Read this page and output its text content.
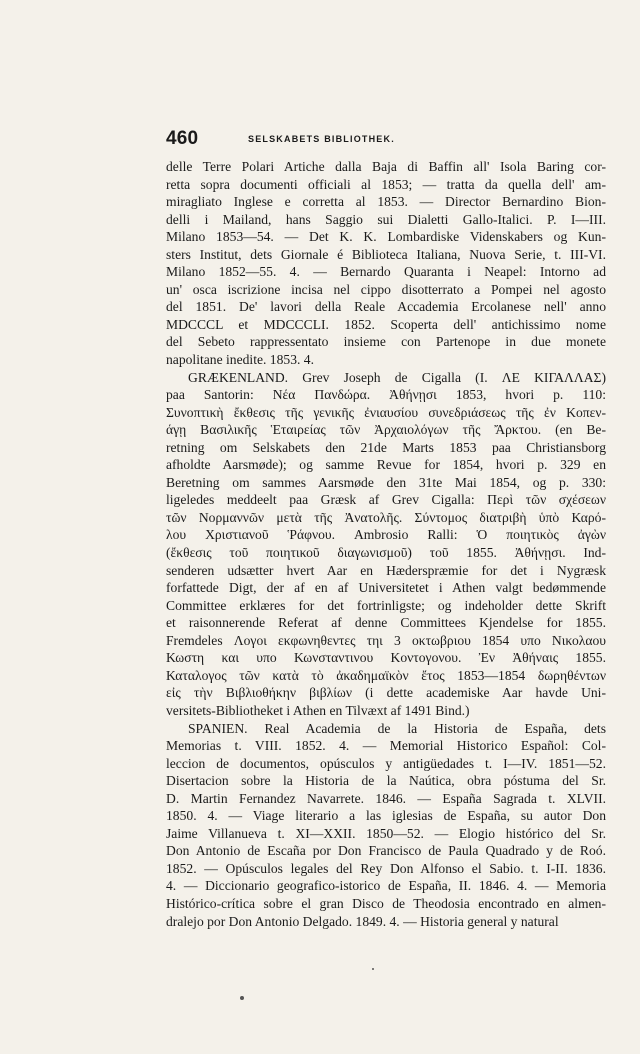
460	SELSKABETS BIBLIOTHEK.
delle Terre Polari Artiche dalla Baja di Baffin all' Isola Baring cor-
retta sopra documenti officiali al 1853; — tratta da quella dell' am-
miragliato Inglese e corretta al 1853. — Director Bernardino Bion-
delli i Mailand, hans Saggio sui Dialetti Gallo-Italici. P. I—III.
Milano 1853—54. — Det K. K. Lombardiske Videnskabers og Kun-
sters Institut, dets Giornale é Biblioteca Italiana, Nuova Serie, t. III-VI.
Milano 1852—55. 4. — Bernardo Quaranta i Neapel: Intorno ad
un' osca iscrizione incisa nel cippo disotterrato a Pompei nel agosto
del 1851. De' lavori della Reale Accademia Ercolanese nell' anno
MDCCCL et MDCCCLI. 1852. Scoperta dell' antichissimo nome
del Sebeto rappressentato insieme con Partenope in due monete
napolitane inedite. 1853. 4.
GRÆKENLAND. Grev Joseph de Cigalla (I. ΛΕ ΚΙΓΑΛΛΑΣ)
paa Santorin: Νέα Πανδώρα. Ἀθήνῃσι 1853, hvori p. 110:
Συνοπτικὴ ἔκθεσις τῆς γενικῆς ἐνιαυσίου συνεδριάσεως τῆς ἐν Κοπεν-
άγῃ Βασιλικῆς Ἑταιρείας τῶν Ἀρχαιολόγων τῆς Ἄρκτου. (en Be-
retning om Selskabets den 21de Marts 1853 paa Christiansborg
afholdte Aarsmøde); og samme Revue for 1854, hvori p. 329 en
Beretning om sammes Aarsmøde den 31te Mai 1854, og p. 330:
ligeledes meddeelt paa Græsk af Grev Cigalla: Περὶ τῶν σχέσεων
τῶν Νορμαννῶν μετὰ τῆς Ἀνατολῆς. Σύντομος διατριβὴ ὑπὸ Καρό-
λου Χριστιανοῦ Ῥάφνου. Ambrosio Ralli: Ὁ ποιητικὸς ἀγὼν
(ἔκθεσις τοῦ ποιητικοῦ διαγωνισμοῦ) τοῦ 1855. Ἀθήνῃσι. Ind-
senderen udsætter hvert Aar en Hæderspræmie for det i Nygræsk
forfattede Digt, der af en af Universitetet i Athen valgt bedømmende
Committee erklæres for det fortrinligste; og indeholder dette Skrift
et raisonnerende Referat af denne Committees Kjendelse for 1855.
Fremdeles Λογοι εκφωνηθεντες τηι 3 οκτωβριου 1854 υπο Νικολαου
Κωστη και υπο Κωνσταντινου Κοντογονου. Ἐν Ἀθήναις 1855.
Καταλογος τῶν κατὰ τὸ ἀκαδημαϊκὸν ἔτος 1853—1854 δωρηθέντων
εἰς τὴν Βιβλιοθήκην βιβλίων (i dette academiske Aar havde Uni-
versitets-Bibliotheket i Athen en Tilvæxt af 1491 Bind.)
SPANIEN. Real Academia de la Historia de España, dets
Memorias t. VIII. 1852. 4. — Memorial Historico Español: Col-
leccion de documentos, opúsculos y antigüedades t. I—IV. 1851—52.
Disertacion sobre la Historia de la Naútica, obra póstuma del Sr.
D. Martin Fernandez Navarrete. 1846. — España Sagrada t. XLVII.
1850. 4. — Viage literario a las iglesias de España, su autor Don
Jaime Villanueva t. XI—XXII. 1850—52. — Elogio histórico del Sr.
Don Antonio de Escaña por Don Francisco de Paula Quadrado y de Roó.
1852. — Opúsculos legales del Rey Don Alfonso el Sabio. t. I-II. 1836.
4. — Diccionario geografico-istorico de España, II. 1846. 4. — Memoria
Histórico-crítica sobre el gran Disco de Theodosia encontrado en almen-
dralejo por Don Antonio Delgado. 1849. 4. — Historia general y natural
